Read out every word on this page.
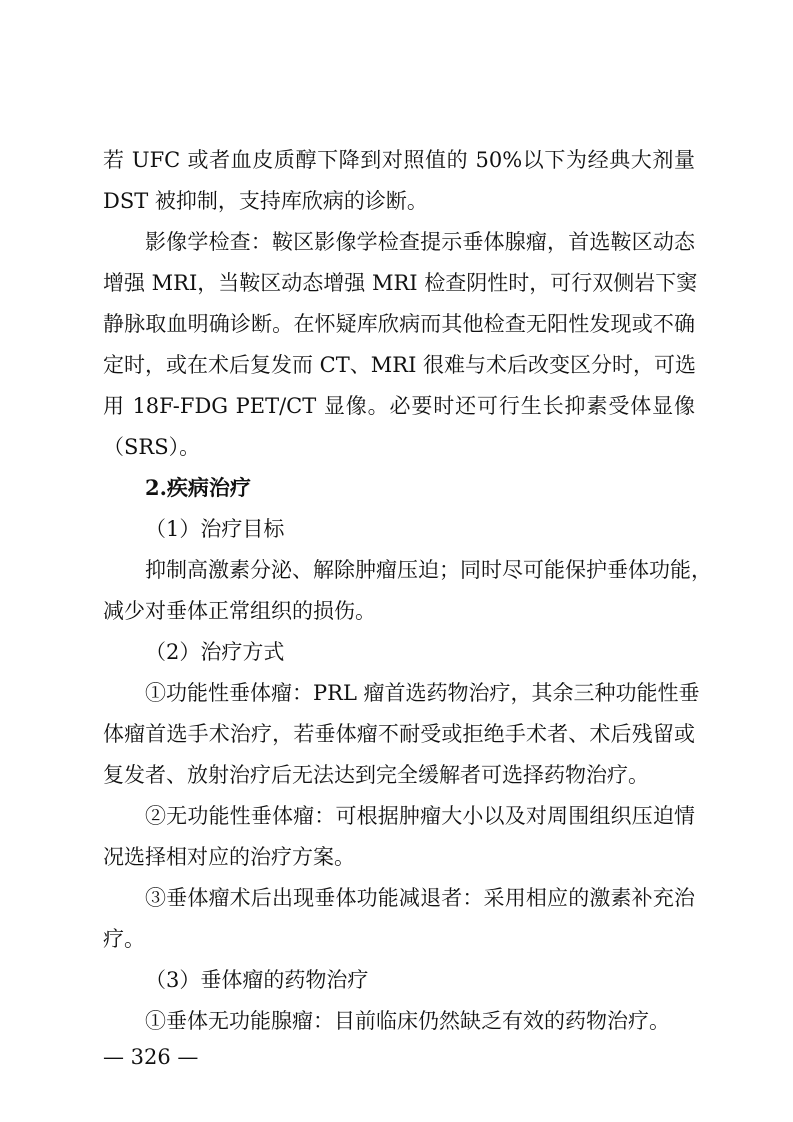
若 UFC 或者血皮质醇下降到对照值的 50%以下为经典大剂量
DST 被抑制，支持库欣病的诊断。
影像学检查：鞍区影像学检查提示垂体腺瘤，首选鞍区动态
增强 MRI，当鞍区动态增强 MRI 检查阴性时，可行双侧岩下窦
静脉取血明确诊断。在怀疑库欣病而其他检查无阳性发现或不确
定时，或在术后复发而 CT、MRI 很难与术后改变区分时，可选
用 18F-FDG PET/CT 显像。必要时还可行生长抑素受体显像
（SRS）。
2.疾病治疗
（1）治疗目标
抑制高激素分泌、解除肿瘤压迫；同时尽可能保护垂体功能，
减少对垂体正常组织的损伤。
（2）治疗方式
①功能性垂体瘤：PRL 瘤首选药物治疗，其余三种功能性垂
体瘤首选手术治疗，若垂体瘤不耐受或拒绝手术者、术后残留或
复发者、放射治疗后无法达到完全缓解者可选择药物治疗。
②无功能性垂体瘤：可根据肿瘤大小以及对周围组织压迫情
况选择相对应的治疗方案。
③垂体瘤术后出现垂体功能减退者：采用相应的激素补充治
疗。
（3）垂体瘤的药物治疗
①垂体无功能腺瘤：目前临床仍然缺乏有效的药物治疗。
— 326 —
